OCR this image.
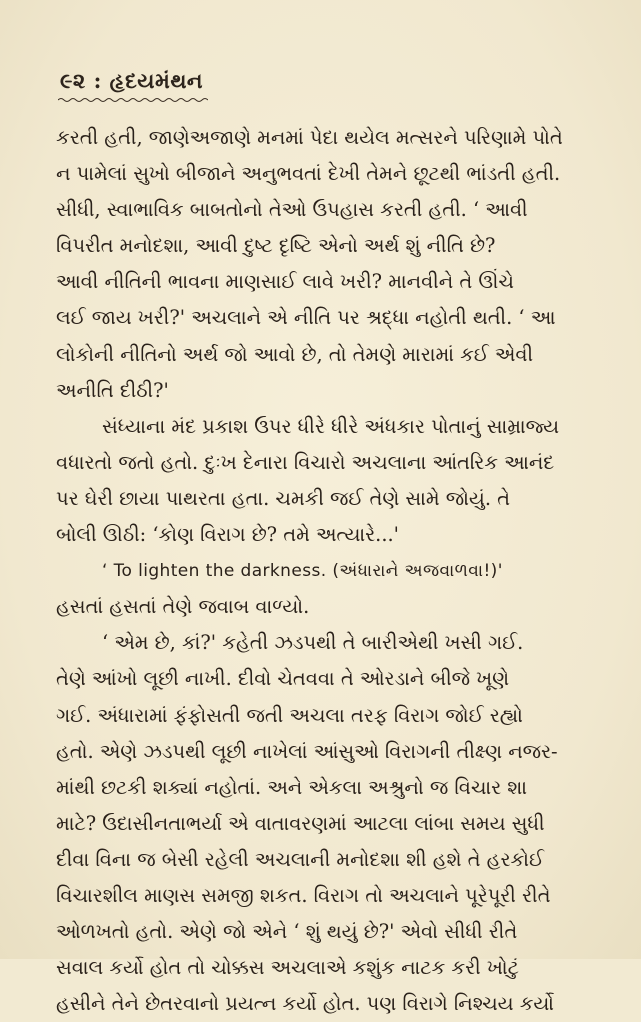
૯૨ : હૃદયમંથન
કરતી હતી, જાણેઅજાણે મનમાં પેદા થયેલ મત્સરને પરિણામે પોતે
ન પામેલાં સુખો બીજાને અનુભવતાં દેખી તેમને છૂટથી ભાંડતી હતી.
સીધી, સ્વાભાવિક બાબતોનો તેઓ ઉપહાસ કરતી હતી. ‘ આવી
વિપરીત મનોદશા, આવી દુષ્ટ દૃષ્ટિ એનો અર્થ શું નીતિ છે?
આવી નીતિની ભાવના માણસાઈ લાવે ખરી? માનવીને તે ઊંચે
લઈ જાય ખરી?' અચલાને એ નીતિ પર શ્રદ્ધા નહોતી થતી. ‘ આ
લોકોની નીતિનો અર્થ જો આવો છે, તો તેમણે મારામાં કઈ એવી
અનીતિ દીઠી?'
સંધ્યાના મંદ પ્રકાશ ઉપર ધીરે ધીરે અંધકાર પોતાનું સામ્રાજ્ય
વધારતો જતો હતો. દુઃખ દેનારા વિચારો અચલાના આંતરિક આનંદ
પર ઘેરી છાયા પાથરતા હતા. ચમકી જઈ તેણે સામે જોયું. તે
બોલી ઊઠી: ‘કોણ વિરાગ છે? તમે અત્યારે...'
‘ To lighten the darkness. (અંધારાને અજવાળવા!)'
હસતાં હસતાં તેણે જવાબ વાળ્યો.
‘ એમ છે, કાં?' કહેતી ઝડપથી તે બારીએથી ખસી ગઈ.
તેણે આંખો લૂછી નાખી. દીવો ચેતવવા તે ઓરડાને બીજે ખૂણે
ગઈ. અંધારામાં ફંફોસતી જતી અચલા તરફ વિરાગ જોઈ રહ્યો
હતો. એણે ઝડપથી લૂછી નાખેલાં આંસુઓ વિરાગની તીક્ષ્ણ નજર-
માંથી છટકી શક્યાં નહોતાં. અને એકલા અશ્રુનો જ વિચાર શા
માટે? ઉદાસીનતાભર્યા એ વાતાવરણમાં આટલા લાંબા સમય સુધી
દીવા વિના જ બેસી રહેલી અચલાની મનોદશા શી હશે તે હરકોઈ
વિચારશીલ માણસ સમજી શકત. વિરાગ તો અચલાને પૂરેપૂરી રીતે
ઓળખતો હતો. એણે જો એને ‘ શું થયું છે?' એવો સીધી રીતે
સવાલ કર્યો હોત તો ચોક્કસ અચલાએ કશુંક નાટક કરી ખોટું
હસીને તેને છેતરવાનો પ્રયત્ન કર્યો હોત. પણ વિરાગે નિશ્ચય કર્યો
